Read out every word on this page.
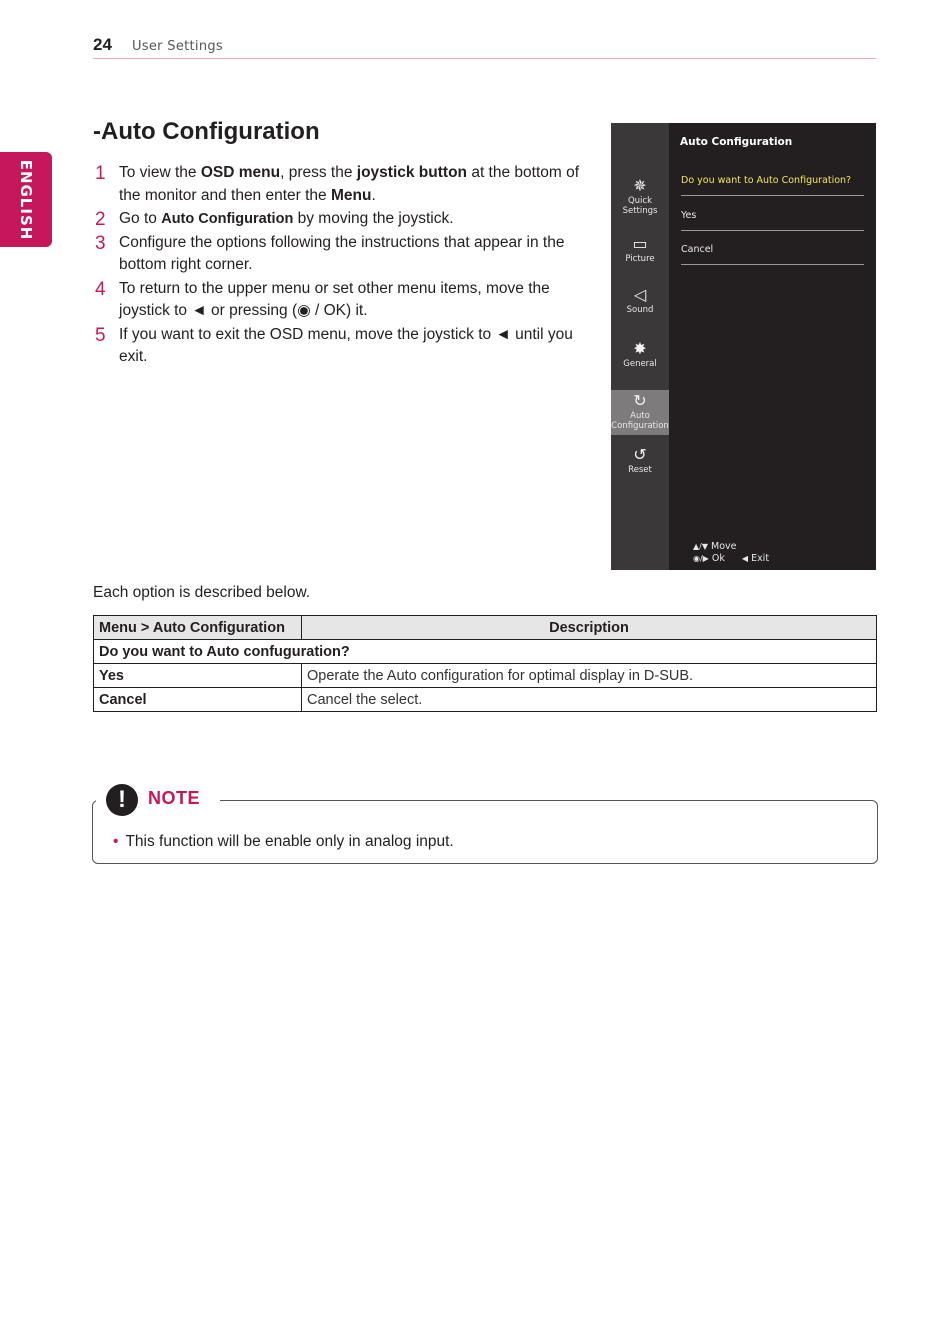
24 User Settings
ENGLISH
-Auto Configuration
1 To view the OSD menu, press the joystick button at the bottom of the monitor and then enter the Menu.
2 Go to Auto Configuration by moving the joystick.
3 Configure the options following the instructions that appear in the bottom right corner.
4 To return to the upper menu or set other menu items, move the joystick to ◄ or pressing (◉ / OK) it.
5 If you want to exit the OSD menu, move the joystick to ◄ until you exit.
✵
Quick Settings
▭
Picture
◁
Sound
✸
General
↻
Auto Configuration
↺
Reset
Auto Configuration
Do you want to Auto Configuration?
Yes
Cancel
▲/▼ Move
◉/▶ Ok ◀ Exit
Each option is described below.
Menu > Auto Configuration	Description
Do you want to Auto confuguration?	
Yes	Operate the Auto configuration for optimal display in D-SUB.
Cancel	Cancel the select.
!	NOTE
• This function will be enable only in analog input.
